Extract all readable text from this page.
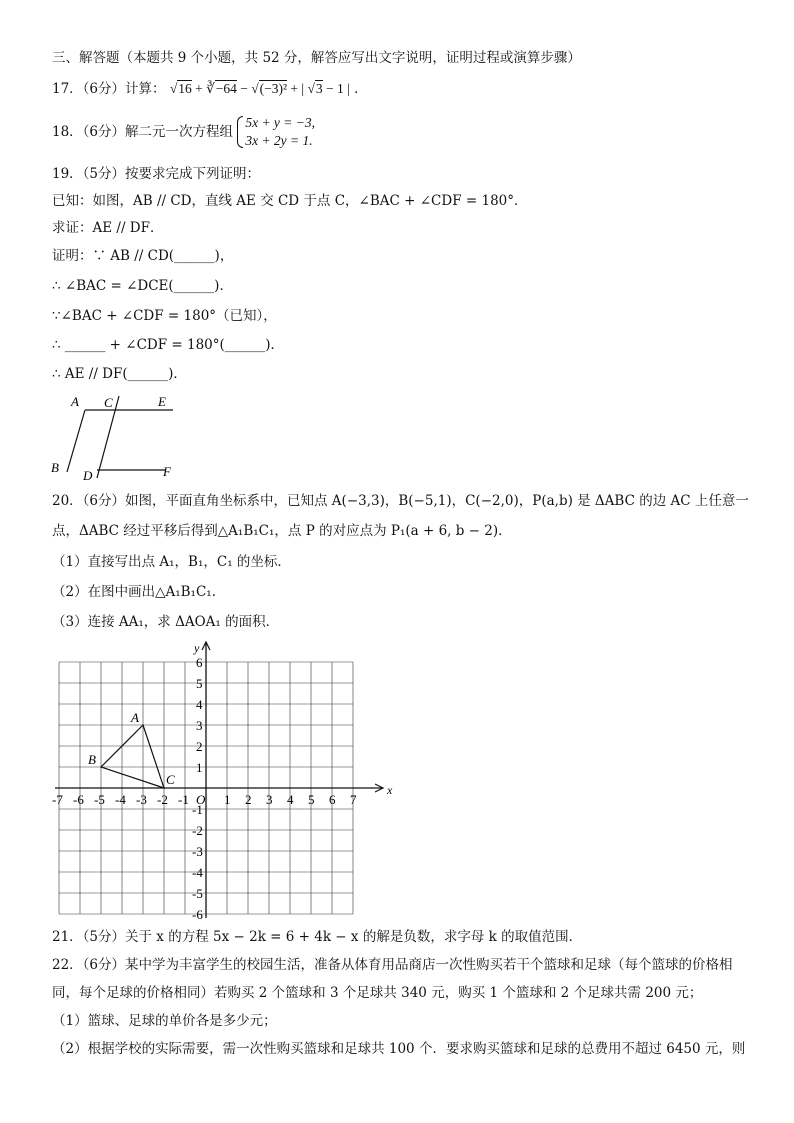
三、解答题（本题共 9 个小题，共 52 分，解答应写出文字说明，证明过程或演算步骤）
17．（6分）计算： √16 + ∛−64 − √(−3)² + | √3 − 1 | ．
18．（6分）解二元一次方程组
5x + y = −3,
3x + 2y = 1.
19．（5分）按要求完成下列证明：
已知：如图，AB // CD，直线 AE 交 CD 于点 C，∠BAC + ∠CDF = 180°．
求证：AE // DF．
证明：∵ AB // CD(______)，
∴ ∠BAC = ∠DCE(______)．
∵∠BAC + ∠CDF = 180°（已知），
∴ ______ + ∠CDF = 180°(______)．
∴ AE // DF(______)．
A C	E
B
D	F
20．（6分）如图，平面直角坐标系中，已知点 A(−3,3)，B(−5,1)，C(−2,0)，P(a,b) 是 ΔABC 的边 AC 上任意一
点，ΔABC 经过平移后得到△A₁B₁C₁，点 P 的对应点为 P₁(a + 6, b − 2)．
（1）直接写出点 A₁，B₁，C₁ 的坐标．
（2）在图中画出△A₁B₁C₁．
（3）连接 AA₁，求 ΔAOA₁ 的面积．
x
y
O
-7 -6 -5 -4 -3 -2 -1	1 2 3 4 5 6 7
6
5
4
3
2
1
-1
-2
-3
-4
-5
-6
A
B
C
21．（5分）关于 x 的方程 5x − 2k = 6 + 4k − x 的解是负数，求字母 k 的取值范围．
22．（6分）某中学为丰富学生的校园生活，准备从体育用品商店一次性购买若干个篮球和足球（每个篮球的价格相
同，每个足球的价格相同）若购买 2 个篮球和 3 个足球共 340 元，购买 1 个篮球和 2 个足球共需 200 元；
（1）篮球、足球的单价各是多少元；
（2）根据学校的实际需要，需一次性购买篮球和足球共 100 个．要求购买篮球和足球的总费用不超过 6450 元，则
